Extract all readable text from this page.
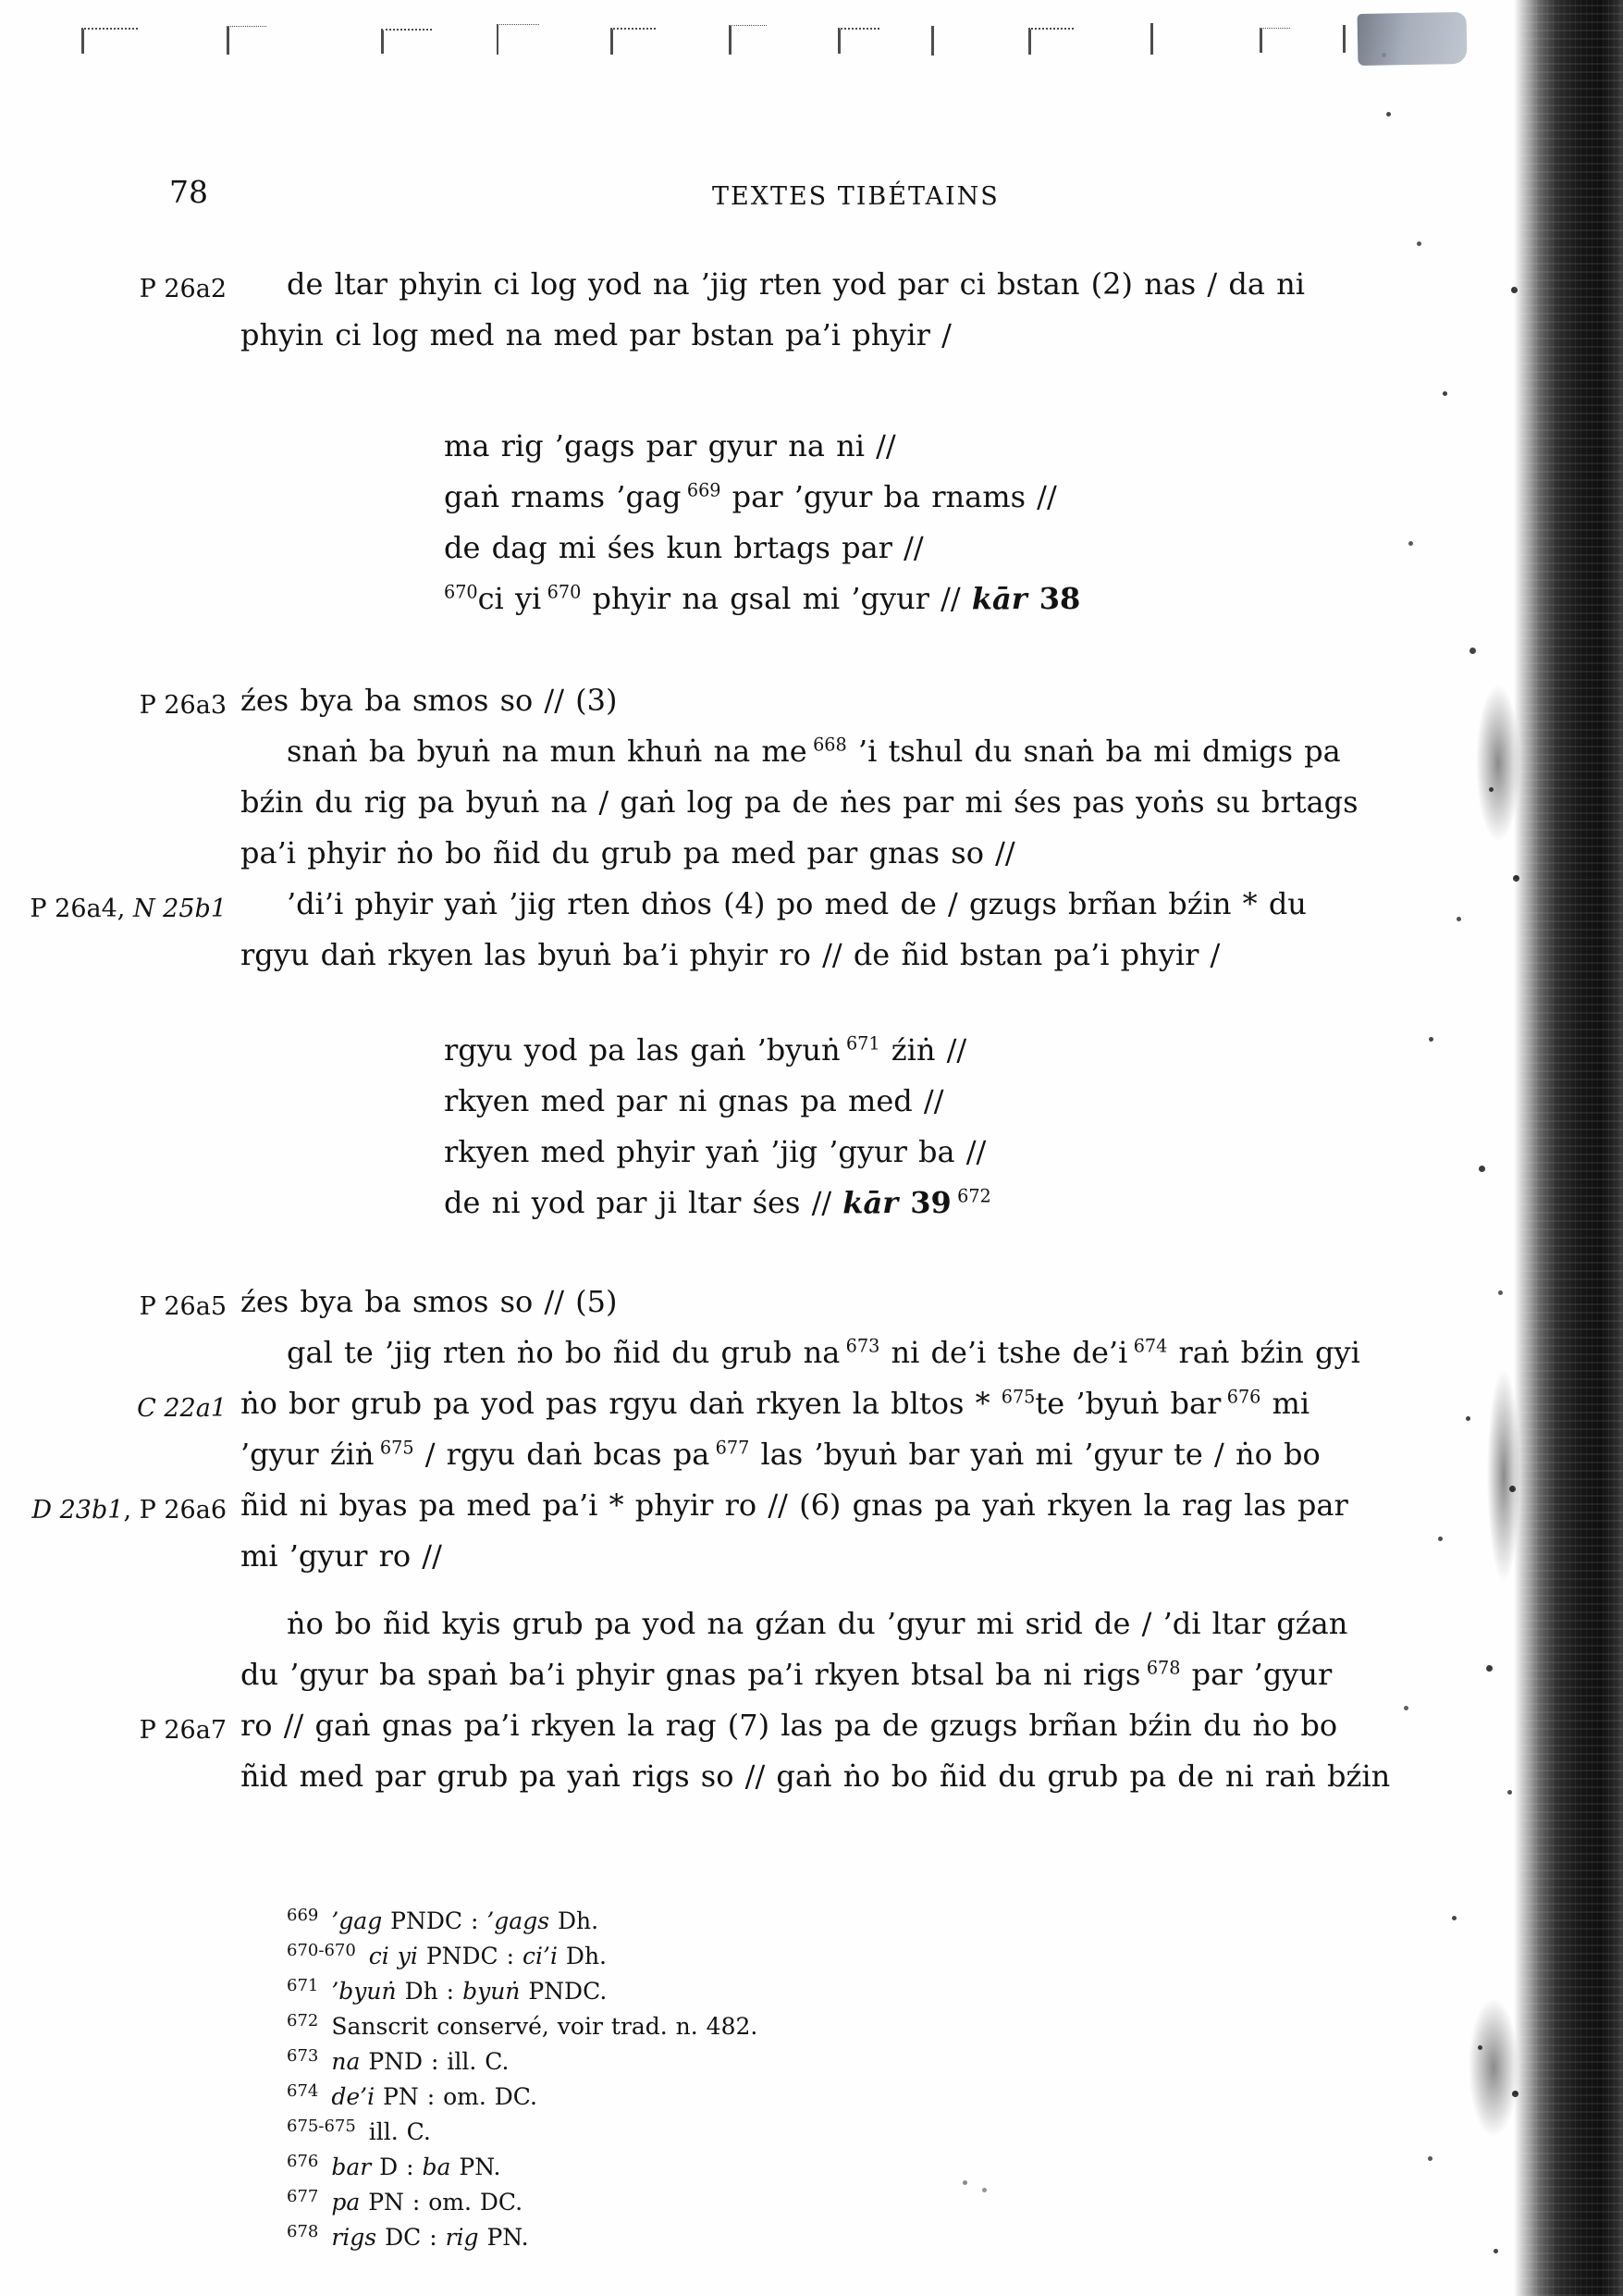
78	TEXTES TIBÉTAINS
P 26a2	de ltar phyin ci log yod na ’jig rten yod par ci bstan (2) nas / da ni
phyin ci log med na med par bstan pa’i phyir /
ma rig ’gags par gyur na ni //
gaṅ rnams ’gag $^{669}$ par ’gyur ba rnams //
de dag mi śes kun brtags par //
$^{670}$ci yi $^{670}$ phyir na gsal mi ’gyur // kār 38
P 26a3 źes bya ba smos so // (3)
snaṅ ba byuṅ na mun khuṅ na me $^{668}$ ’i tshul du snaṅ ba mi dmigs pa
bźin du rig pa byuṅ na / gaṅ log pa de ṅes par mi śes pas yoṅs su brtags
pa’i phyir ṅo bo ñid du grub pa med par gnas so //
P 26a4, N 25b1	’di’i phyir yaṅ ’jig rten dṅos (4) po med de / gzugs brñan bźin * du
rgyu daṅ rkyen las byuṅ ba’i phyir ro // de ñid bstan pa’i phyir /
rgyu yod pa las gaṅ ’byuṅ $^{671}$ źiṅ //
rkyen med par ni gnas pa med //
rkyen med phyir yaṅ ’jig ’gyur ba //
de ni yod par ji ltar śes // kār 39 $^{672}$
P 26a5 źes bya ba smos so // (5)
gal te ’jig rten ṅo bo ñid du grub na $^{673}$ ni de’i tshe de’i $^{674}$ raṅ bźin gyi
C 22a1 ṅo bor grub pa yod pas rgyu daṅ rkyen la bltos * $^{675}$te ’byuṅ bar $^{676}$ mi
’gyur źiṅ $^{675}$ / rgyu daṅ bcas pa $^{677}$ las ’byuṅ bar yaṅ mi ’gyur te / ṅo bo
D 23b1, P 26a6 ñid ni byas pa med pa’i * phyir ro // (6) gnas pa yaṅ rkyen la rag las par
mi ’gyur ro //
ṅo bo ñid kyis grub pa yod na gźan du ’gyur mi srid de / ’di ltar gźan
du ’gyur ba spaṅ ba’i phyir gnas pa’i rkyen btsal ba ni rigs $^{678}$ par ’gyur
P 26a7 ro // gaṅ gnas pa’i rkyen la rag (7) las pa de gzugs brñan bźin du ṅo bo
ñid med par grub pa yaṅ rigs so // gaṅ ṅo bo ñid du grub pa de ni raṅ bźin
$^{669}$ ’gag PNDC : ’gags Dh.
$^{670-670}$ ci yi PNDC : ci’i Dh.
$^{671}$ ’byuṅ Dh : byuṅ PNDC.
$^{672}$ Sanscrit conservé, voir trad. n. 482.
$^{673}$ na PND : ill. C.
$^{674}$ de’i PN : om. DC.
$^{675-675}$ ill. C.
$^{676}$ bar D : ba PN.
$^{677}$ pa PN : om. DC.
$^{678}$ rigs DC : rig PN.
